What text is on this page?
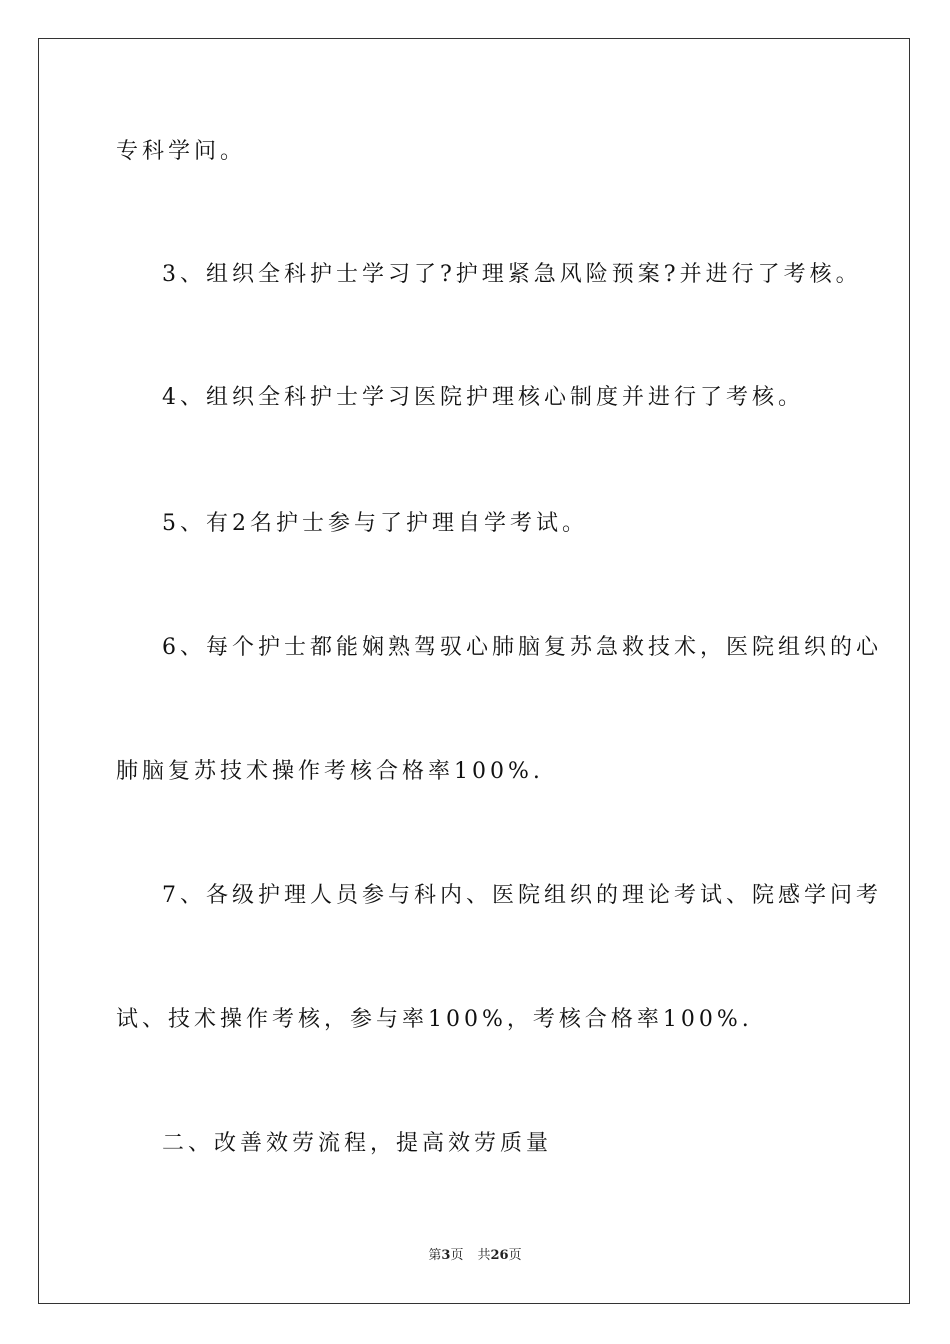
专科学问。
3、组织全科护士学习了?护理紧急风险预案?并进行了考核。
4、组织全科护士学习医院护理核心制度并进行了考核。
5、有2名护士参与了护理自学考试。
6、每个护士都能娴熟驾驭心肺脑复苏急救技术，医院组织的心
肺脑复苏技术操作考核合格率100%.
7、各级护理人员参与科内、医院组织的理论考试、院感学问考
试、技术操作考核，参与率100%，考核合格率100%.
二、改善效劳流程，提高效劳质量
第3页 共26页
